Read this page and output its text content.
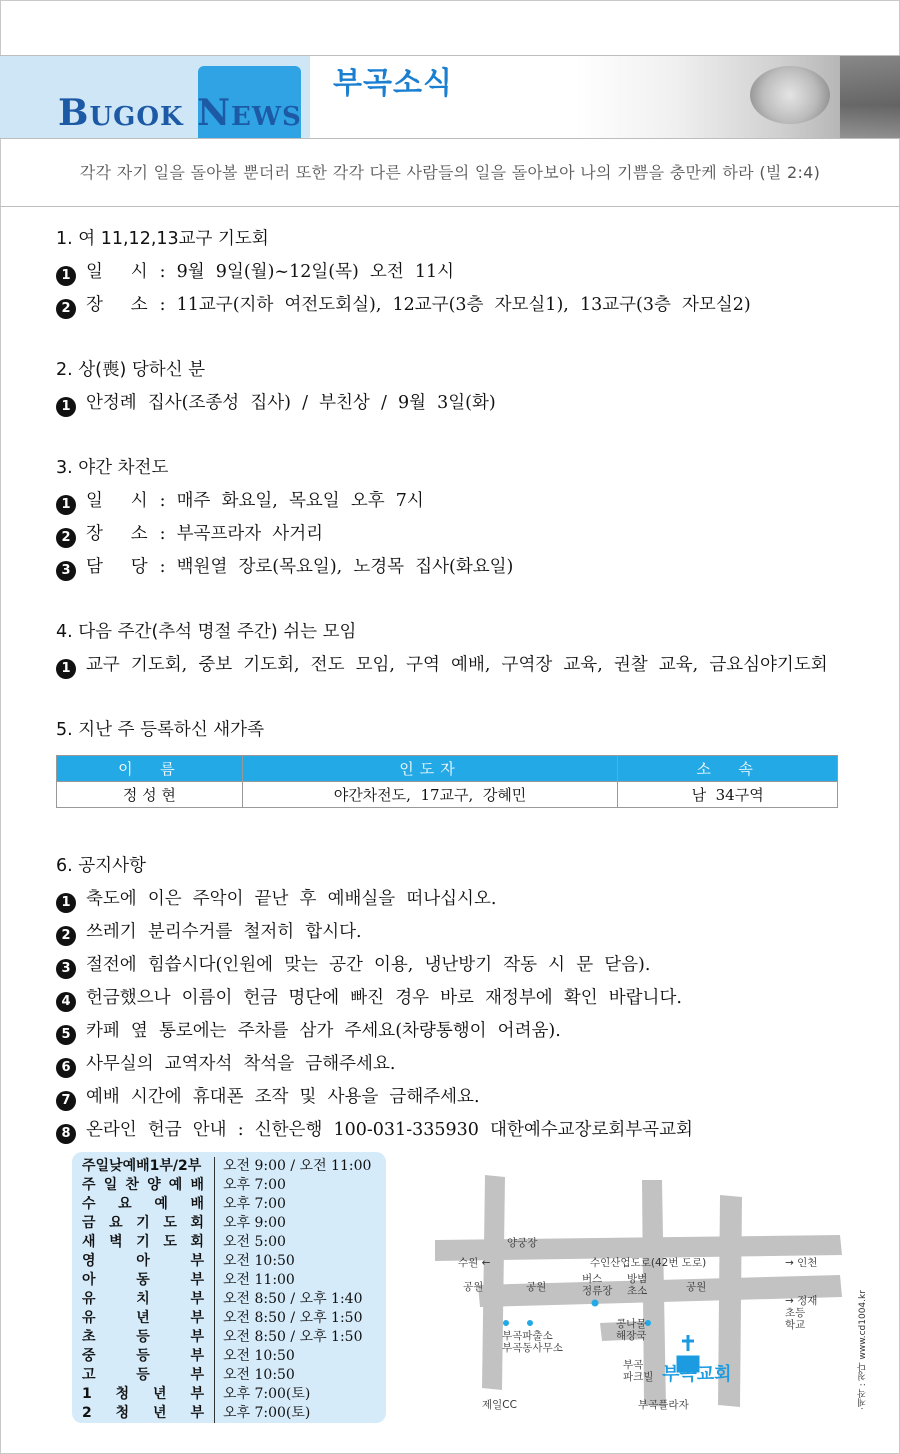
BUGOK NEWS
부곡소식
각각 자기 일을 돌아볼 뿐더러 또한 각각 다른 사람들의 일을 돌아보아 나의 기쁨을 충만케 하라 (빌 2:4)
1. 여 11,12,13교구 기도회
1 일     시 :  9월  9일(월)~12일(목)  오전  11시
2 장     소 :  11교구(지하  여전도회실),  12교구(3층  자모실1),  13교구(3층  자모실2)
2. 상(喪) 당하신 분
1 안정례  집사(조종성  집사)  /  부친상  /  9월  3일(화)
3. 야간 차전도
1 일     시 :  매주  화요일,  목요일  오후  7시
2 장     소 :  부곡프라자  사거리
3 담     당 :  백원열  장로(목요일),  노경목  집사(화요일)
4. 다음 주간(추석 명절 주간) 쉬는 모임
1 교구  기도회,  중보  기도회,  전도  모임,  구역  예배,  구역장  교육,  권찰  교육,  금요심야기도회
5. 지난 주 등록하신 새가족
이  름	인도자	소  속
정 성 현	야간차전도,  17교구,  강혜민	남  34구역
6. 공지사항
1 축도에  이은  주악이  끝난  후  예배실을  떠나십시오.
2 쓰레기  분리수거를  철저히  합시다.
3 절전에  힘씁시다(인원에  맞는  공간  이용,  냉난방기  작동  시  문  닫음).
4 헌금했으나  이름이  헌금  명단에  빠진  경우  바로  재정부에  확인  바랍니다.
5 카페  옆  통로에는  주차를  삼가  주세요(차량통행이  어려움).
6 사무실의  교역자석  착석을  금해주세요.
7 예배  시간에  휴대폰  조작  및  사용을  금해주세요.
8 온라인  헌금  안내  :  신한은행  100-031-335930  대한예수교장로회부곡교회
주일낮예배1부/2부	오전 9:00 / 오전 11:00
주 일 찬 양 예 배	오후 7:00
수 요 예 배	오후 7:00
금 요 기 도 회	오후 9:00
새 벽 기 도 회	오전 5:00
영	아	부	오전 10:50
아	동	부	오전 11:00
유	치	부	오전 8:50 / 오후 1:40
유	년	부	오전 8:50 / 오후 1:50
초	등	부	오전 8:50 / 오후 1:50
중	등	부	오전 10:50
고	등	부	오전 10:50
1 청 년 부	오후 7:00(토)
2 청 년 부	오후 7:00(토)
양궁장
수원 ←	수인산업도로(42번 도로)	→ 인천
공원	공원	공원
버스
정류장
방범
초소
→ 정재
초등
학교
부곡파출소
부곡동사무소
콩나물
해장국
부곡
파크빌 부곡교회
제일CC	부곡플라자	·제작 : 청다 www.cd1004.kr
